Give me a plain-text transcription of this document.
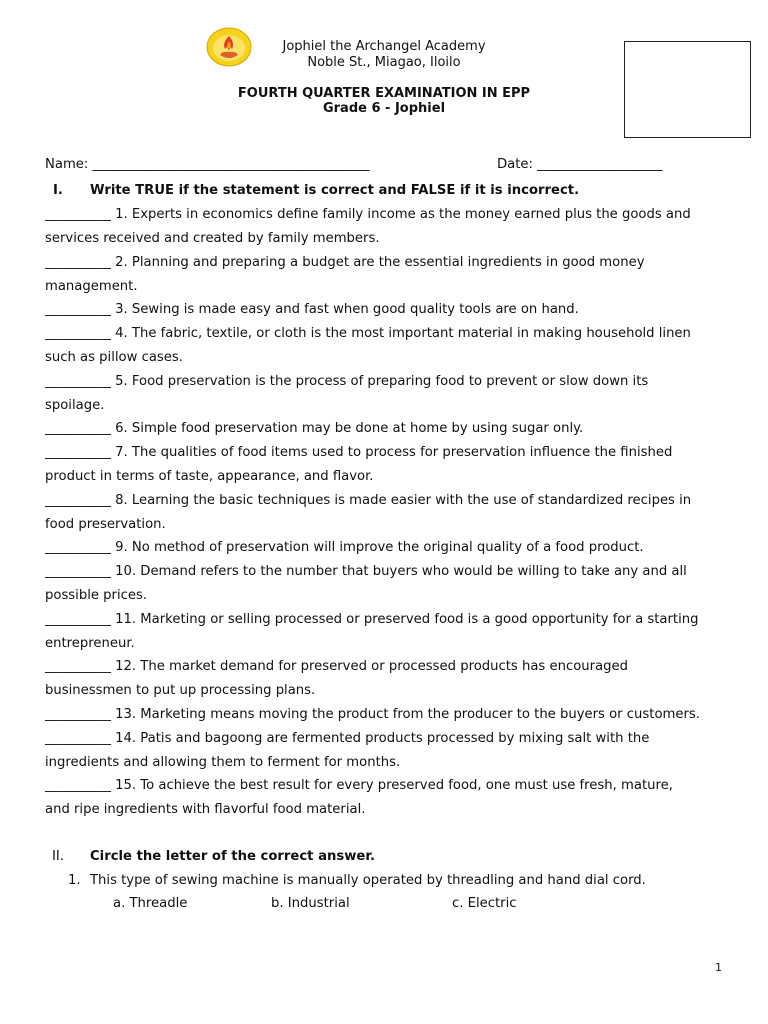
Jophiel the Archangel Academy
Noble St., Miagao, Iloilo
FOURTH QUARTER EXAMINATION IN EPP
Grade 6 - Jophiel
Name: __________________________________________	Date: ___________________
I. Write TRUE if the statement is correct and FALSE if it is incorrect.
__________ 1. Experts in economics define family income as the money earned plus the goods and
services received and created by family members.
__________ 2. Planning and preparing a budget are the essential ingredients in good money
management.
__________ 3. Sewing is made easy and fast when good quality tools are on hand.
__________ 4. The fabric, textile, or cloth is the most important material in making household linen
such as pillow cases.
__________ 5. Food preservation is the process of preparing food to prevent or slow down its
spoilage.
__________ 6. Simple food preservation may be done at home by using sugar only.
__________ 7. The qualities of food items used to process for preservation influence the finished
product in terms of taste, appearance, and flavor.
__________ 8. Learning the basic techniques is made easier with the use of standardized recipes in
food preservation.
__________ 9. No method of preservation will improve the original quality of a food product.
__________ 10. Demand refers to the number that buyers who would be willing to take any and all
possible prices.
__________ 11. Marketing or selling processed or preserved food is a good opportunity for a starting
entrepreneur.
__________ 12. The market demand for preserved or processed products has encouraged
businessmen to put up processing plans.
__________ 13. Marketing means moving the product from the producer to the buyers or customers.
__________ 14. Patis and bagoong are fermented products processed by mixing salt with the
ingredients and allowing them to ferment for months.
__________ 15. To achieve the best result for every preserved food, one must use fresh, mature,
and ripe ingredients with flavorful food material.
II. Circle the letter of the correct answer.
1. This type of sewing machine is manually operated by threadling and hand dial cord.
a. Threadle	b. Industrial	c. Electric
1
